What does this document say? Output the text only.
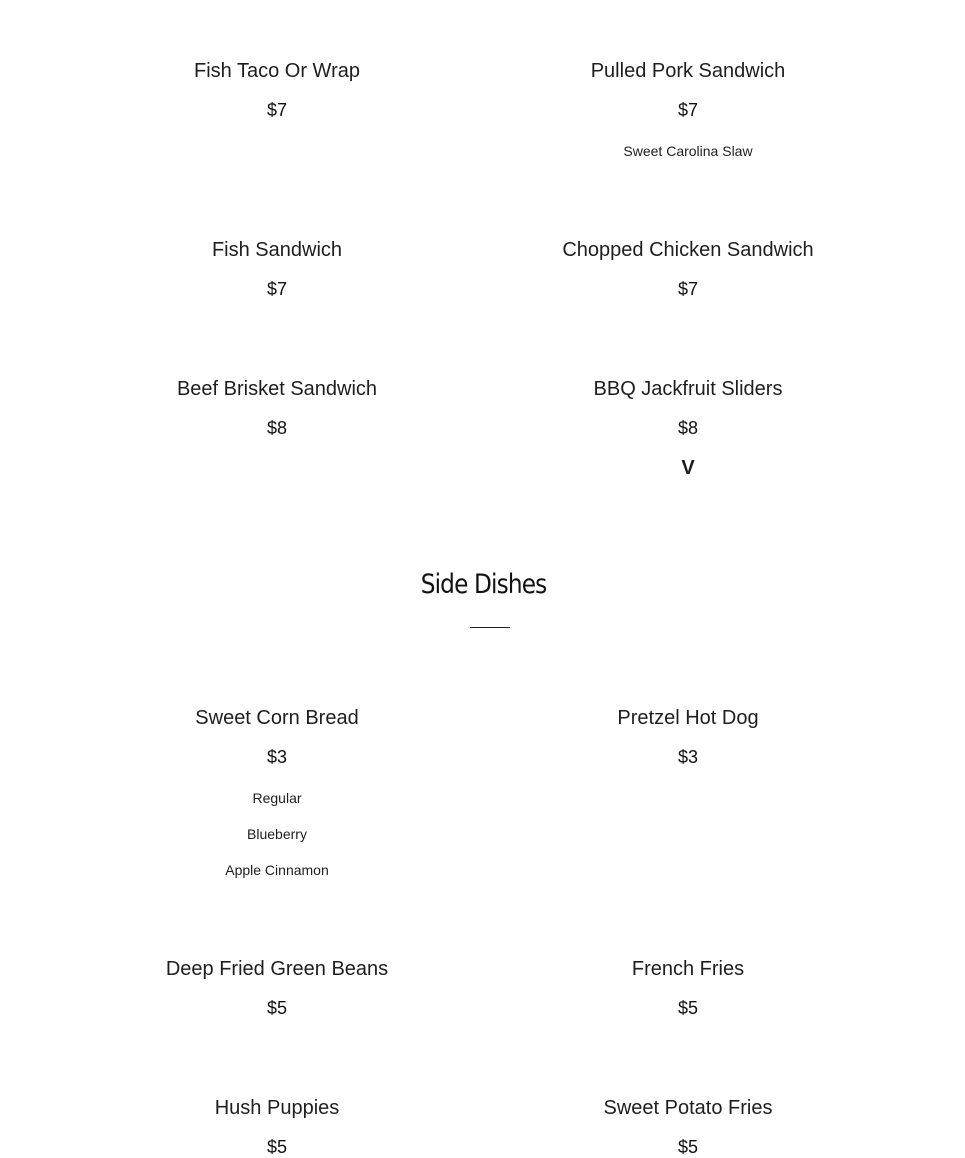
Fish Taco Or Wrap
$7
Pulled Pork Sandwich
$7
Sweet Carolina Slaw
Fish Sandwich
$7
Chopped Chicken Sandwich
$7
Beef Brisket Sandwich
$8
BBQ Jackfruit Sliders
$8
V
Side Dishes
Sweet Corn Bread
$3
Regular
Blueberry
Apple Cinnamon
Pretzel Hot Dog
$3
Deep Fried Green Beans
$5
French Fries
$5
Hush Puppies
$5
Sweet Potato Fries
$5
